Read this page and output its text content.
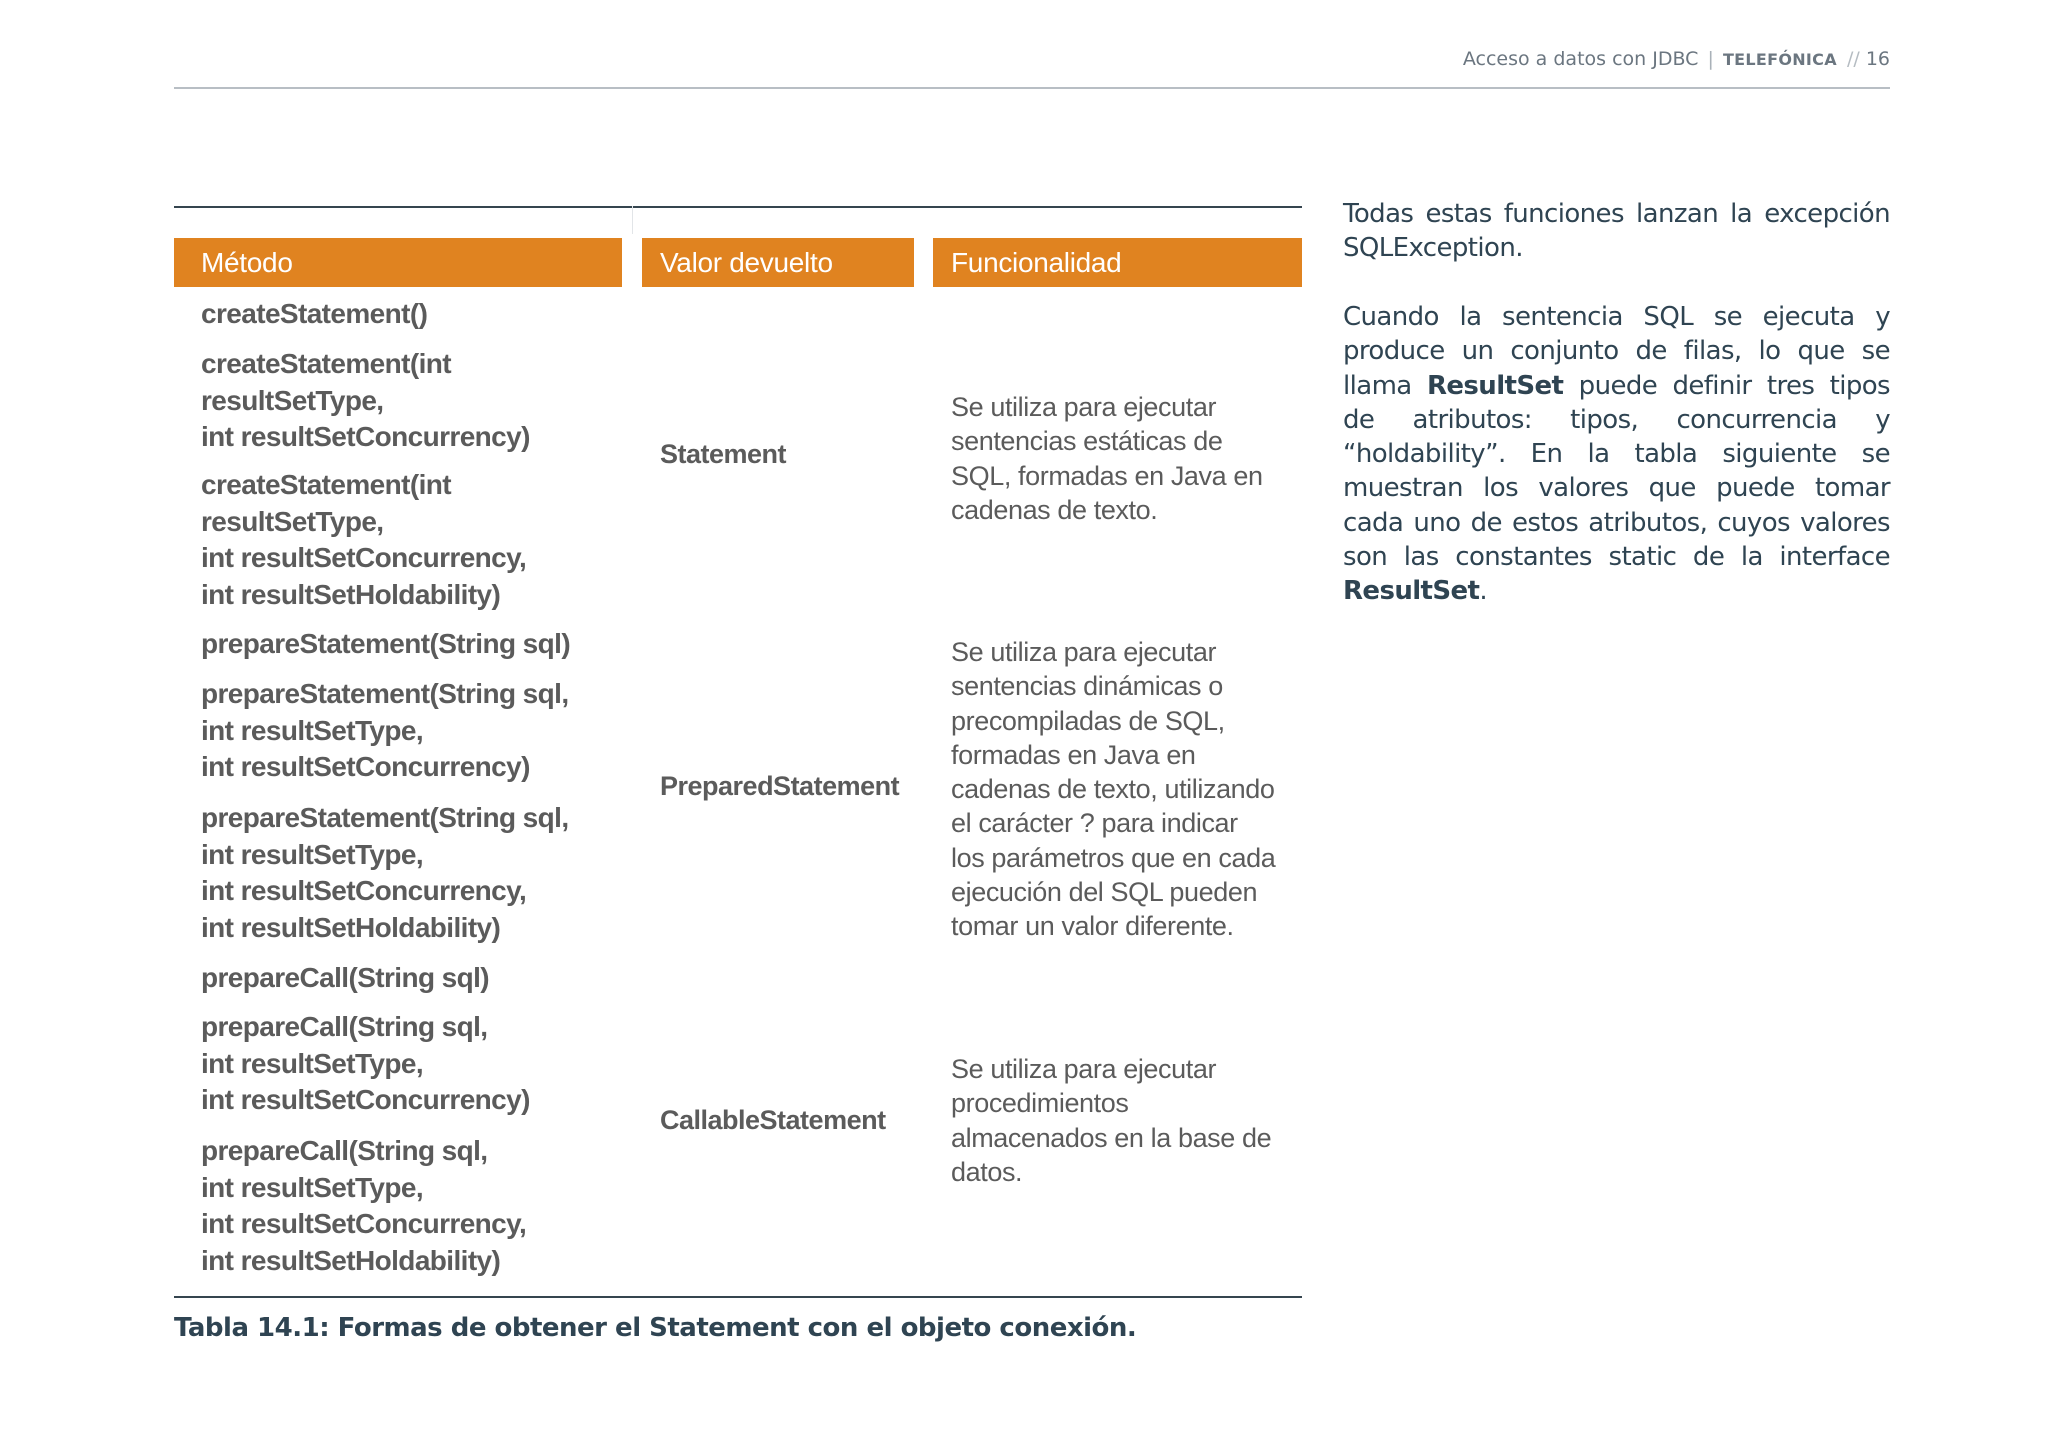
Acceso a datos con JDBC | TELEFÓNICA // 16
Método	Valor devuelto	Funcionalidad
createStatement()
createStatement(int
resultSetType,
int resultSetConcurrency)
createStatement(int
resultSetType,
int resultSetConcurrency,
int resultSetHoldability)
prepareStatement(String sql)
prepareStatement(String sql,
int resultSetType,
int resultSetConcurrency)
prepareStatement(String sql,
int resultSetType,
int resultSetConcurrency,
int resultSetHoldability)
prepareCall(String sql)
prepareCall(String sql,
int resultSetType,
int resultSetConcurrency)
prepareCall(String sql,
int resultSetType,
int resultSetConcurrency,
int resultSetHoldability)
Statement
PreparedStatement
CallableStatement
Se utiliza para ejecutar
sentencias estáticas de
SQL, formadas en Java en
cadenas de texto.
Se utiliza para ejecutar
sentencias dinámicas o
precompiladas de SQL,
formadas en Java en
cadenas de texto, utilizando
el carácter ? para indicar
los parámetros que en cada
ejecución del SQL pueden
tomar un valor diferente.
Se utiliza para ejecutar
procedimientos
almacenados en la base de
datos.
Tabla 14.1: Formas de obtener el Statement con el objeto conexión.
Todas estas funciones lanzan la excepción SQLException.
Cuando la sentencia SQL se ejecuta y produce un conjunto de filas, lo que se llama ResultSet puede definir tres tipos de atributos: tipos, concurrencia y “holdability”. En la tabla siguiente se muestran los valores que puede tomar cada uno de estos atributos, cuyos valores son las constantes static de la interface ResultSet.
